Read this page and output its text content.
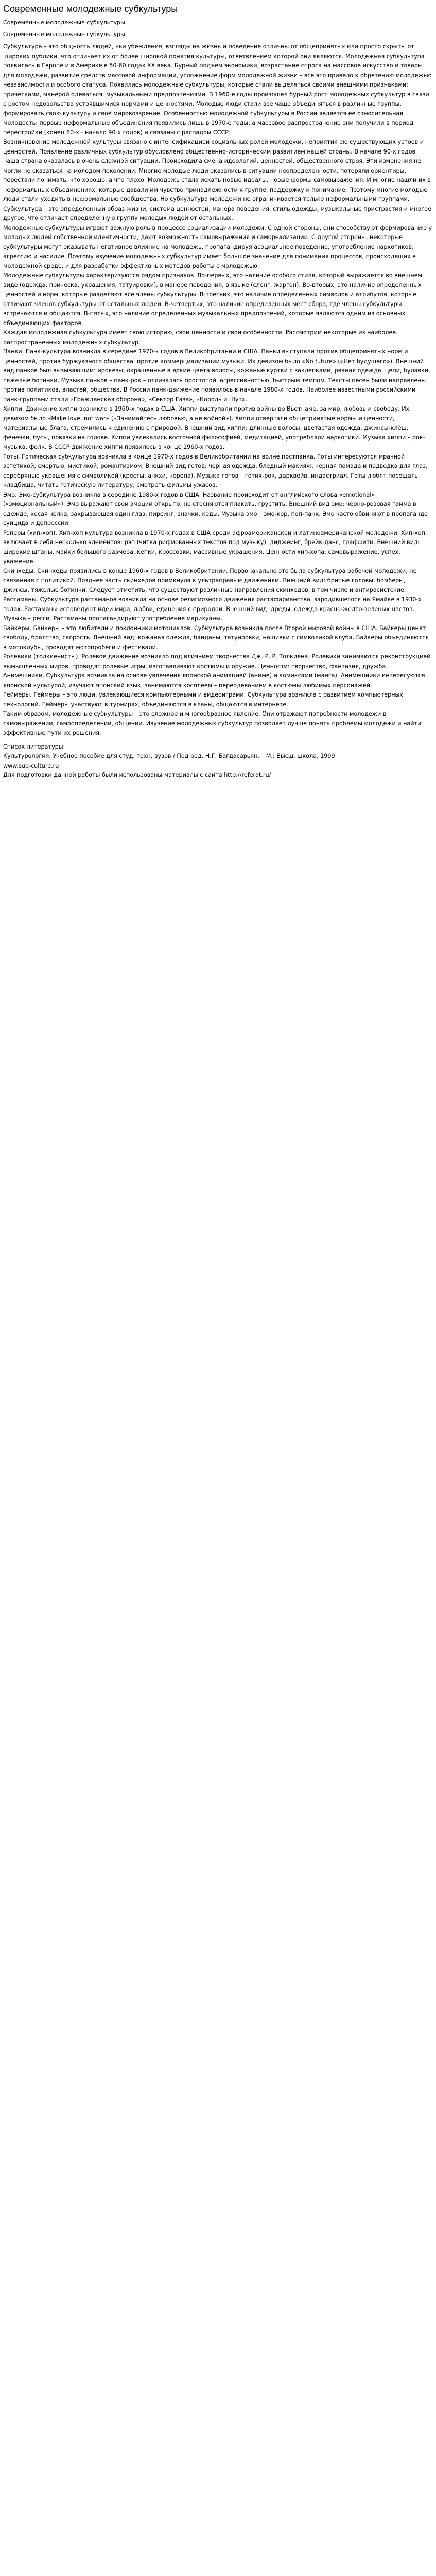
Современные молодежные субкультуры
Современные молодежные субкультуры
Современные молодежные субкультуры

Субкультура – это общность людей, чьи убеждения, взгляды на жизнь и поведение отличны от общепринятых или просто скрыты от широких публики, что отличает их от более широкой понятия культуры, ответвлением которой они являются. Молодежная субкультура появилась в Европе и в Америке в 50-60 годах XX века. Бурный подъем экономики, возрастание спроса на массовое искусство и товары для молодежи, развитие средств массовой информации, усложнение форм молодежной жизни – всё это привело к обретению молодежью независимости и особого статуса. Появились молодежные субкультуры, которые стали выделяться своими внешними признаками: прическами, манерой одеваться, музыкальными предпочтениями. В 1960-е годы произошел бурный рост молодежных субкультур в связи с ростом недовольства устоявшимися нормами и ценностями. Молодые люди стали всё чаще объединяться в различные группы, формировать свою культуру и своё мировоззрение. Особенностью молодежной субкультуры в России является её относительная молодость: первые неформальные объединения появились лишь в 1970-е годы, а массовое распространение они получили в период перестройки (конец 80-х - начало 90-х годов) и связаны с распадом СССР.

Возникновение молодежной культуры связано с интенсификацией социальных ролей молодежи, неприятия ею существующих устоев и ценностей. Появление различных субкультур обусловлено общественно-историческим развитием нашей страны. В начале 90-х годов наша страна оказалась в очень сложной ситуации. Происходила смена идеологий, ценностей, общественного строя. Эти изменения не могли не сказаться на молодом поколении. Многие молодые люди оказались в ситуации неопределенности, потеряли ориентиры, перестали понимать, что хорошо, а что плохо. Молодежь стала искать новые идеалы, новые формы самовыражения. И многие нашли их в неформальных объединениях, которые давали им чувство принадлежности к группе, поддержку и понимание. Поэтому многие молодые люди стали уходить в неформальные сообщества. Но субкультура молодежи не ограничивается только неформальными группами. Субкультура – это определенный образ жизни, система ценностей, манера поведения, стиль одежды, музыкальные пристрастия и многое другое, что отличает определенную группу молодых людей от остальных.

Молодежные субкультуры играют важную роль в процессе социализации молодежи. С одной стороны, они способствуют формированию у молодых людей собственной идентичности, дают возможность самовыражения и самореализации. С другой стороны, некоторые субкультуры могут оказывать негативное влияние на молодежь, пропагандируя асоциальное поведение, употребление наркотиков, агрессию и насилие. Поэтому изучение молодежных субкультур имеет большое значение для понимания процессов, происходящих в молодежной среде, и для разработки эффективных методов работы с молодежью.

Молодежные субкультуры характеризуются рядом признаков. Во-первых, это наличие особого стиля, который выражается во внешнем виде (одежда, прическа, украшения, татуировки), в манере поведения, в языке (сленг, жаргон). Во-вторых, это наличие определенных ценностей и норм, которые разделяют все члены субкультуры. В-третьих, это наличие определенных символов и атрибутов, которые отличают членов субкультуры от остальных людей. В-четвертых, это наличие определенных мест сбора, где члены субкультуры встречаются и общаются. В-пятых, это наличие определенных музыкальных предпочтений, которые являются одним из основных объединяющих факторов.

Каждая молодежная субкультура имеет свою историю, свои ценности и свои особенности. Рассмотрим некоторые из наиболее распространенных молодежных субкультур.

Панки. Панк-культура возникла в середине 1970-х годов в Великобритании и США. Панки выступали против общепринятых норм и ценностей, против буржуазного общества, против коммерциализации музыки. Их девизом было «No future» («Нет будущего»). Внешний вид панков был вызывающим: ирокезы, окрашенные в яркие цвета волосы, кожаные куртки с заклепками, рваная одежда, цепи, булавки, тяжелые ботинки. Музыка панков – панк-рок – отличалась простотой, агрессивностью, быстрым темпом. Тексты песен были направлены против политиков, властей, общества. В России панк-движение появилось в начале 1980-х годов. Наиболее известными российскими панк-группами стали «Гражданская оборона», «Сектор Газа», «Король и Шут».

Хиппи. Движение хиппи возникло в 1960-х годах в США. Хиппи выступали против войны во Вьетнаме, за мир, любовь и свободу. Их девизом было «Make love, not war» («Занимайтесь любовью, а не войной»). Хиппи отвергали общепринятые нормы и ценности, материальные блага, стремились к единению с природой. Внешний вид хиппи: длинные волосы, цветастая одежда, джинсы-клёш, фенечки, бусы, повязки на голове. Хиппи увлекались восточной философией, медитацией, употребляли наркотики. Музыка хиппи – рок-музыка, фолк. В СССР движение хиппи появилось в конце 1960-х годов.

Готы. Готическая субкультура возникла в конце 1970-х годов в Великобритании на волне постпанка. Готы интересуются мрачной эстетикой, смертью, мистикой, романтизмом. Внешний вид готов: черная одежда, бледный макияж, черная помада и подводка для глаз, серебряные украшения с символикой (кресты, анкхи, черепа). Музыка готов – готик-рок, дарквейв, индастриал. Готы любят посещать кладбища, читать готическую литературу, смотреть фильмы ужасов.

Эмо. Эмо-субкультура возникла в середине 1980-х годов в США. Название происходит от английского слова «emotional» («эмоциональный»). Эмо выражают свои эмоции открыто, не стесняются плакать, грустить. Внешний вид эмо: черно-розовая гамма в одежде, косая челка, закрывающая один глаз, пирсинг, значки, кеды. Музыка эмо – эмо-кор, поп-панк. Эмо часто обвиняют в пропаганде суицида и депрессии.

Рэперы (хип-хоп). Хип-хоп культура возникла в 1970-х годах в США среди афроамериканской и латиноамериканской молодежи. Хип-хоп включает в себя несколько элементов: рэп (читка рифмованных текстов под музыку), диджеинг, брейк-данс, граффити. Внешний вид: широкие штаны, майки большого размера, кепки, кроссовки, массивные украшения. Ценности хип-хопа: самовыражение, успех, уважение.

Скинхеды. Скинхеды появились в конце 1960-х годов в Великобритании. Первоначально это была субкультура рабочей молодежи, не связанная с политикой. Позднее часть скинхедов примкнула к ультраправым движениям. Внешний вид: бритые головы, бомберы, джинсы, тяжелые ботинки. Следует отметить, что существуют различные направления скинхедов, в том числе и антирасистские.

Растаманы. Субкультура растаманов возникла на основе религиозного движения растафарианства, зародившегося на Ямайке в 1930-х годах. Растаманы исповедуют идеи мира, любви, единения с природой. Внешний вид: дреды, одежда красно-желто-зеленых цветов. Музыка – регги. Растаманы пропагандируют употребление марихуаны.

Байкеры. Байкеры – это любители и поклонники мотоциклов. Субкультура возникла после Второй мировой войны в США. Байкеры ценят свободу, братство, скорость. Внешний вид: кожаная одежда, банданы, татуировки, нашивки с символикой клуба. Байкеры объединяются в мотоклубы, проводят мотопробеги и фестивали.

Ролевики (толкиенисты). Ролевое движение возникло под влиянием творчества Дж. Р. Р. Толкиена. Ролевики занимаются реконструкцией вымышленных миров, проводят ролевые игры, изготавливают костюмы и оружие. Ценности: творчество, фантазия, дружба.

Анимешники. Субкультура возникла на основе увлечения японской анимацией (аниме) и комиксами (манга). Анимешники интересуются японской культурой, изучают японский язык, занимаются косплеем – переодеванием в костюмы любимых персонажей.

Геймеры. Геймеры – это люди, увлекающиеся компьютерными и видеоиграми. Субкультура возникла с развитием компьютерных технологий. Геймеры участвуют в турнирах, объединяются в кланы, общаются в интернете.

Таким образом, молодежные субкультуры – это сложное и многообразное явление. Они отражают потребности молодежи в самовыражении, самоопределении, общении. Изучение молодежных субкультур позволяет лучше понять проблемы молодежи и найти эффективные пути их решения.

Список литературы:
Культурология: Учебное пособие для студ. техн. вузов / Под ред. Н.Г. Багдасарьян. – М.: Высш. школа, 1999.
www.sub-culture.ru
Для подготовки данной работы были использованы материалы с сайта http://referat.ru/
